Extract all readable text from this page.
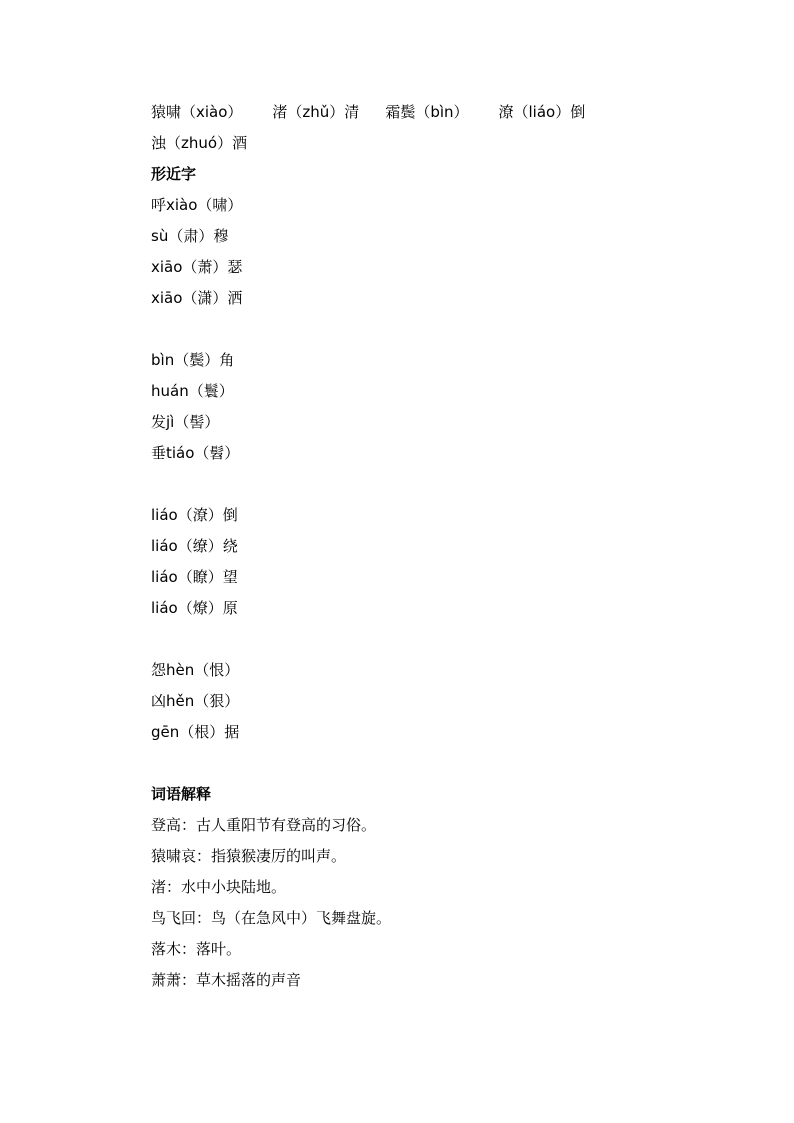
猿啸（xiào） 渚（zhǔ）清 霜鬓（bìn） 潦（liáo）倒
浊（zhuó）酒
形近字
呼xiào（啸）
sù（肃）穆
xiāo（萧）瑟
xiāo（潇）洒
bìn（鬓）角
huán（鬟）
发jì（髻）
垂tiáo（髫）
liáo（潦）倒
liáo（缭）绕
liáo（瞭）望
liáo（燎）原
怨hèn（恨）
凶hěn（狠）
gēn（根）据
词语解释
登高：古人重阳节有登高的习俗。
猿啸哀：指猿猴凄厉的叫声。
渚：水中小块陆地。
鸟飞回：鸟（在急风中）飞舞盘旋。
落木：落叶。
萧萧：草木摇落的声音
